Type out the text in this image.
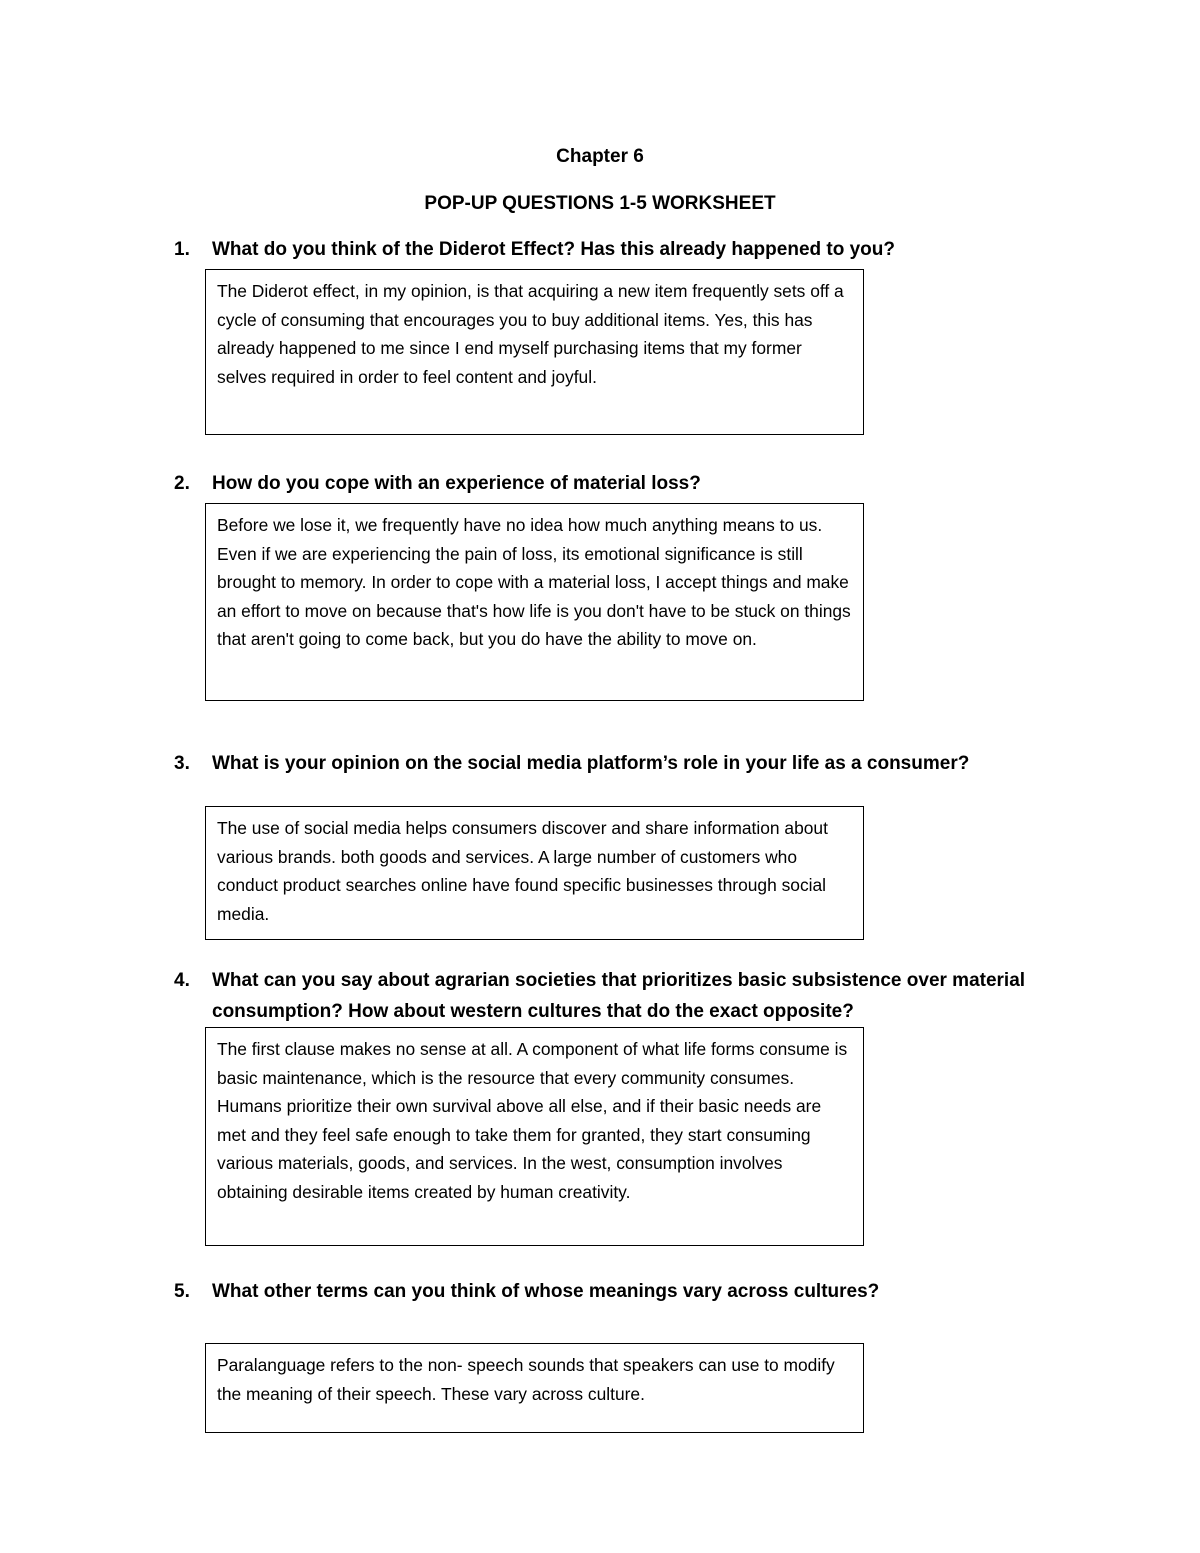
Chapter 6
POP-UP QUESTIONS 1-5 WORKSHEET
1. What do you think of the Diderot Effect? Has this already happened to you?

The Diderot effect, in my opinion, is that acquiring a new item frequently sets off a cycle of consuming that encourages you to buy additional items. Yes, this has already happened to me since I end myself purchasing items that my former selves required in order to feel content and joyful.

2. How do you cope with an experience of material loss?

Before we lose it, we frequently have no idea how much anything means to us. Even if we are experiencing the pain of loss, its emotional significance is still brought to memory. In order to cope with a material loss, I accept things and make an effort to move on because that's how life is you don't have to be stuck on things that aren't going to come back, but you do have the ability to move on.

3. What is your opinion on the social media platform’s role in your life as a consumer?

The use of social media helps consumers discover and share information about various brands. both goods and services. A large number of customers who conduct product searches online have found specific businesses through social media.

4. What can you say about agrarian societies that prioritizes basic subsistence over material consumption? How about western cultures that do the exact opposite?

The first clause makes no sense at all. A component of what life forms consume is basic maintenance, which is the resource that every community consumes. Humans prioritize their own survival above all else, and if their basic needs are met and they feel safe enough to take them for granted, they start consuming various materials, goods, and services. In the west, consumption involves obtaining desirable items created by human creativity.

5. What other terms can you think of whose meanings vary across cultures?

Paralanguage refers to the non- speech sounds that speakers can use to modify the meaning of their speech. These vary across culture.
